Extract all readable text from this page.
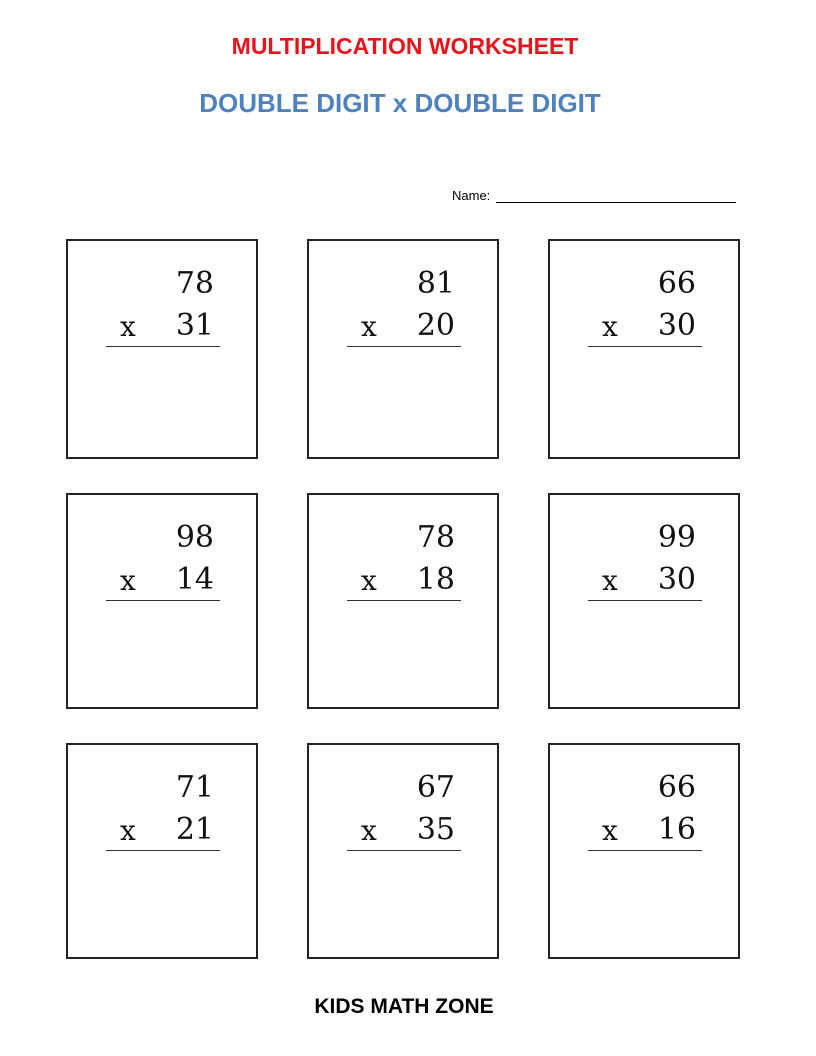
MULTIPLICATION WORKSHEET
DOUBLE DIGIT x DOUBLE DIGIT
Name:
78
x 31
81
x 20
66
x 30
98
x 14
78
x 18
99
x 30
71
x 21
67
x 35
66
x 16
KIDS MATH ZONE
